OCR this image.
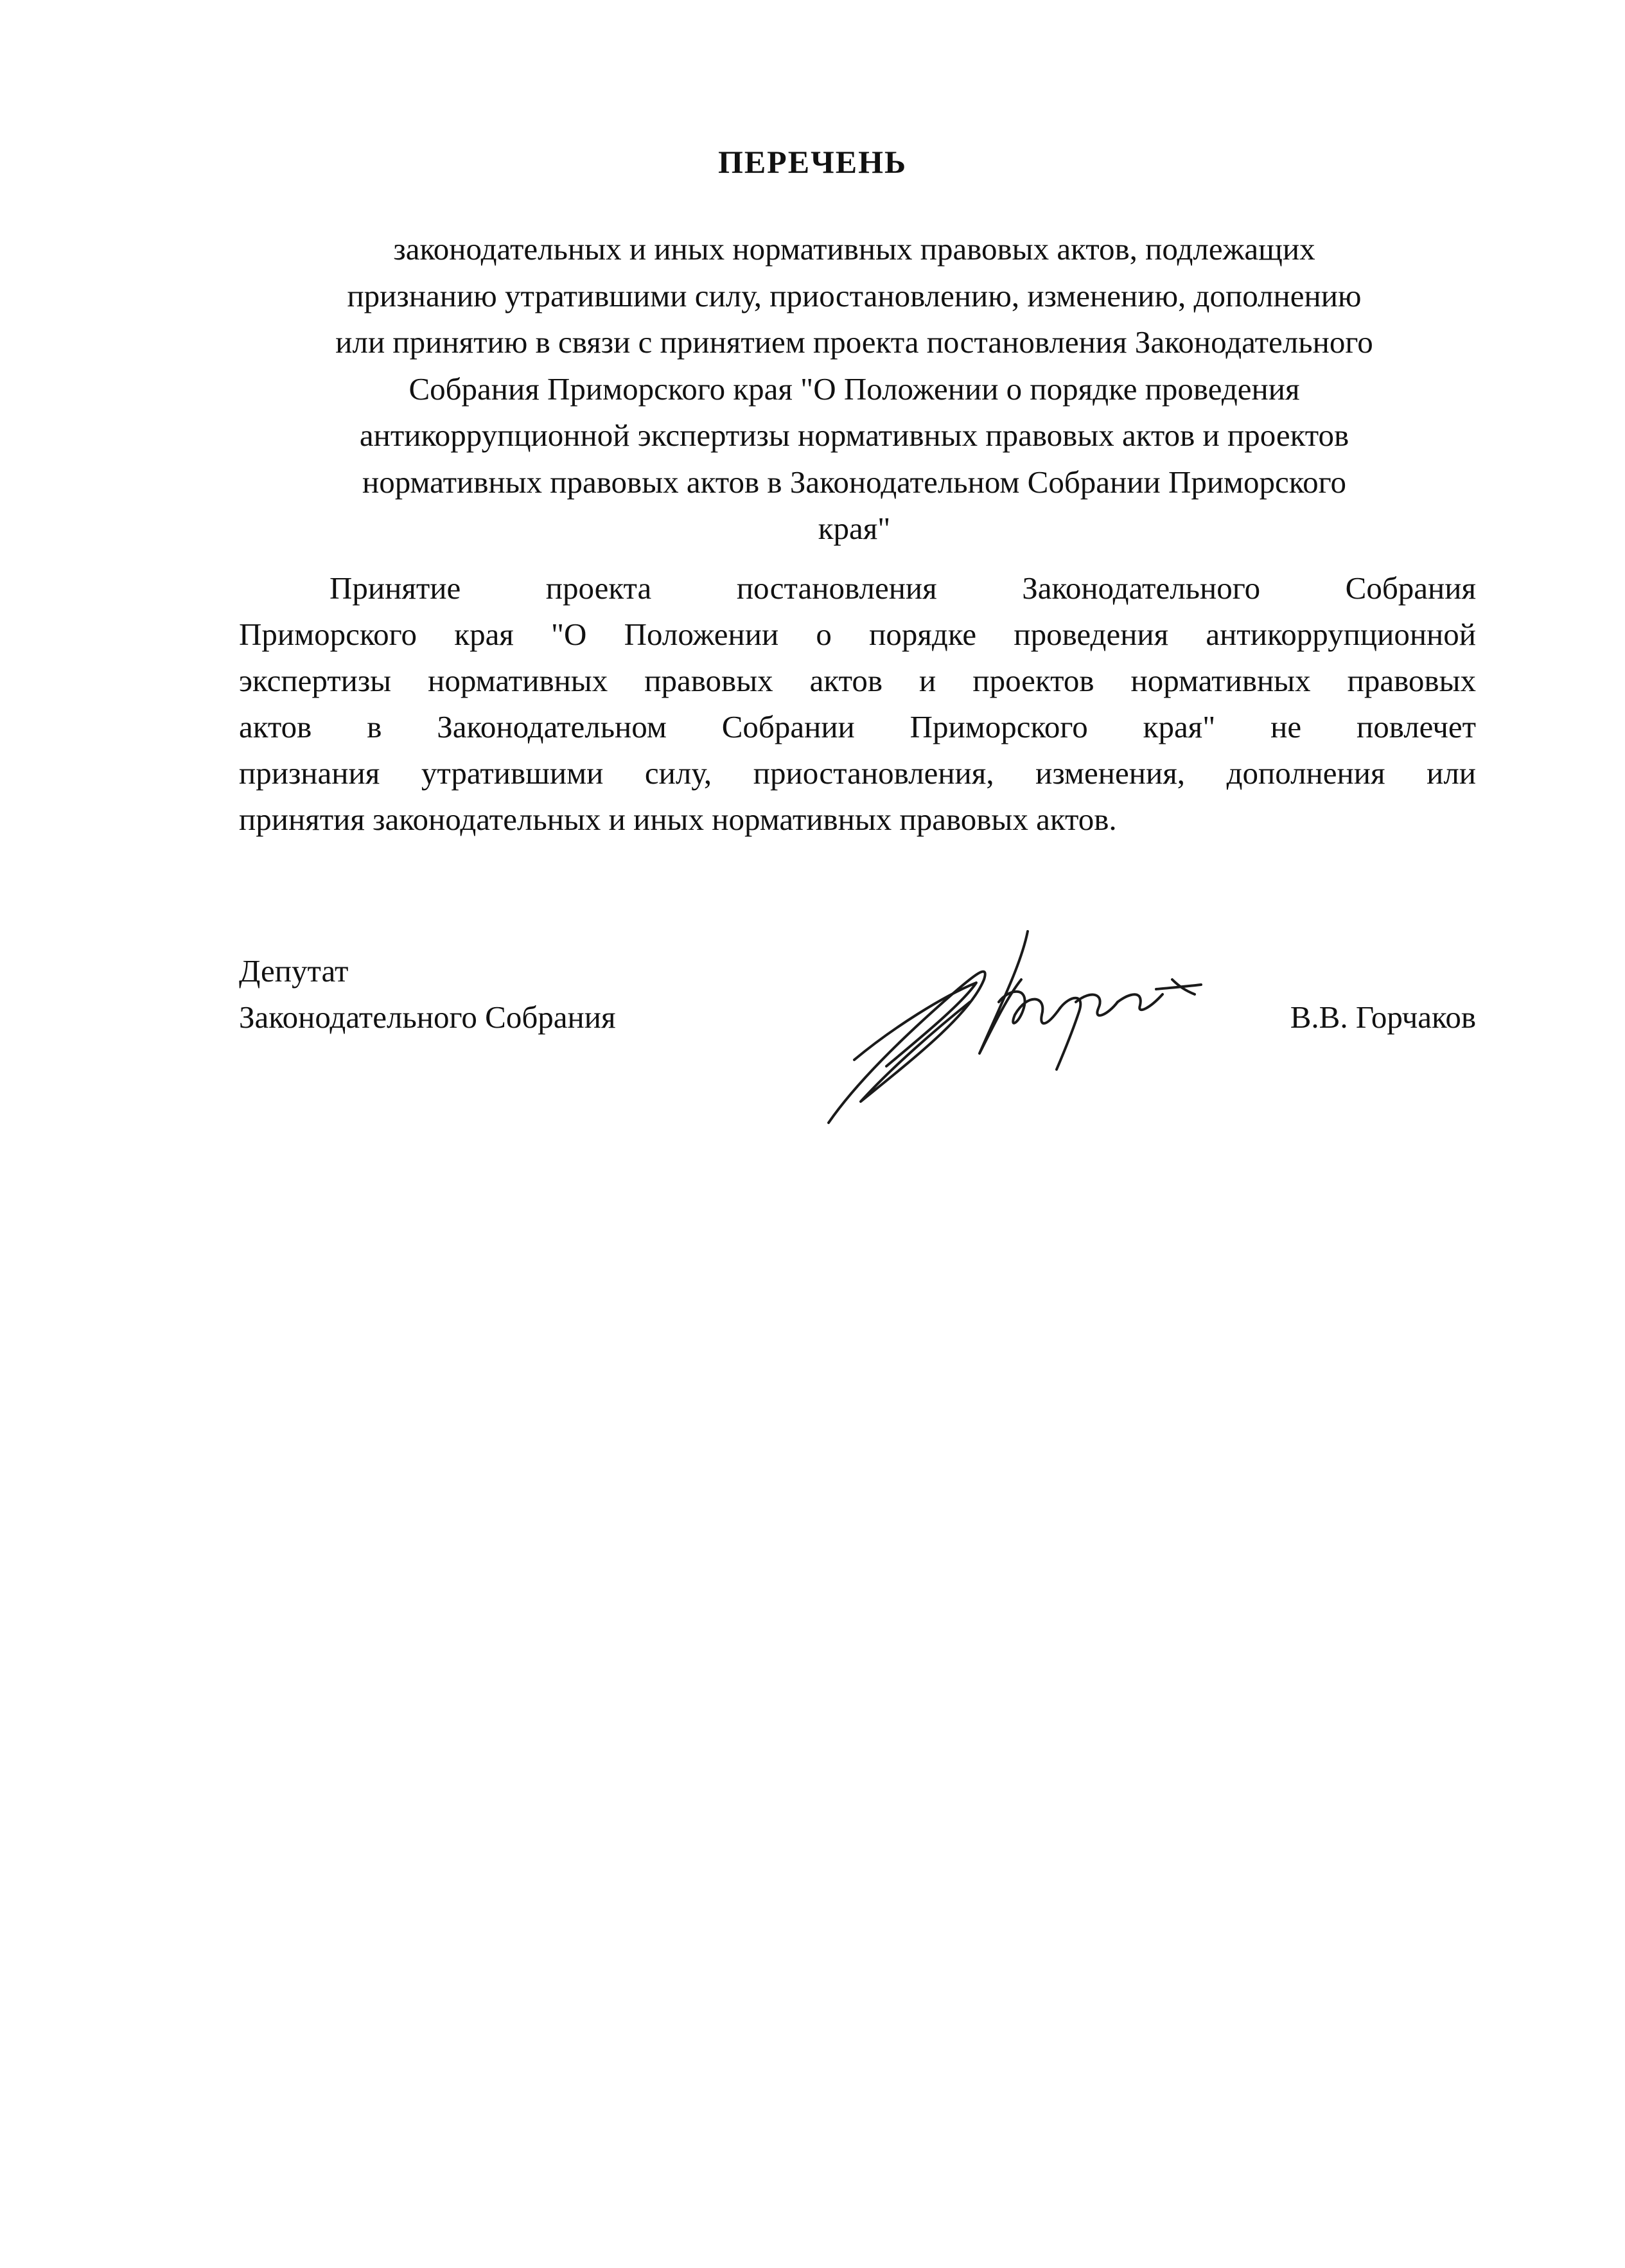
ПЕРЕЧЕНЬ

законодательных и иных нормативных правовых актов, подлежащих
признанию утратившими силу, приостановлению, изменению, дополнению
или принятию в связи с принятием проекта постановления Законодательного
Собрания Приморского края "О Положении о порядке проведения
антикоррупционной экспертизы нормативных правовых актов и проектов
нормативных правовых актов в Законодательном Собрании Приморского
края"

Принятие проекта постановления Законодательного Собрания
Приморского края "О Положении о порядке проведения антикоррупционной
экспертизы нормативных правовых актов и проектов нормативных правовых
актов в Законодательном Собрании Приморского края" не повлечет
признания утратившими силу, приостановления, изменения, дополнения или
принятия законодательных и иных нормативных правовых актов.

Депутат
Законодательного Собрания	В.В. Горчаков
